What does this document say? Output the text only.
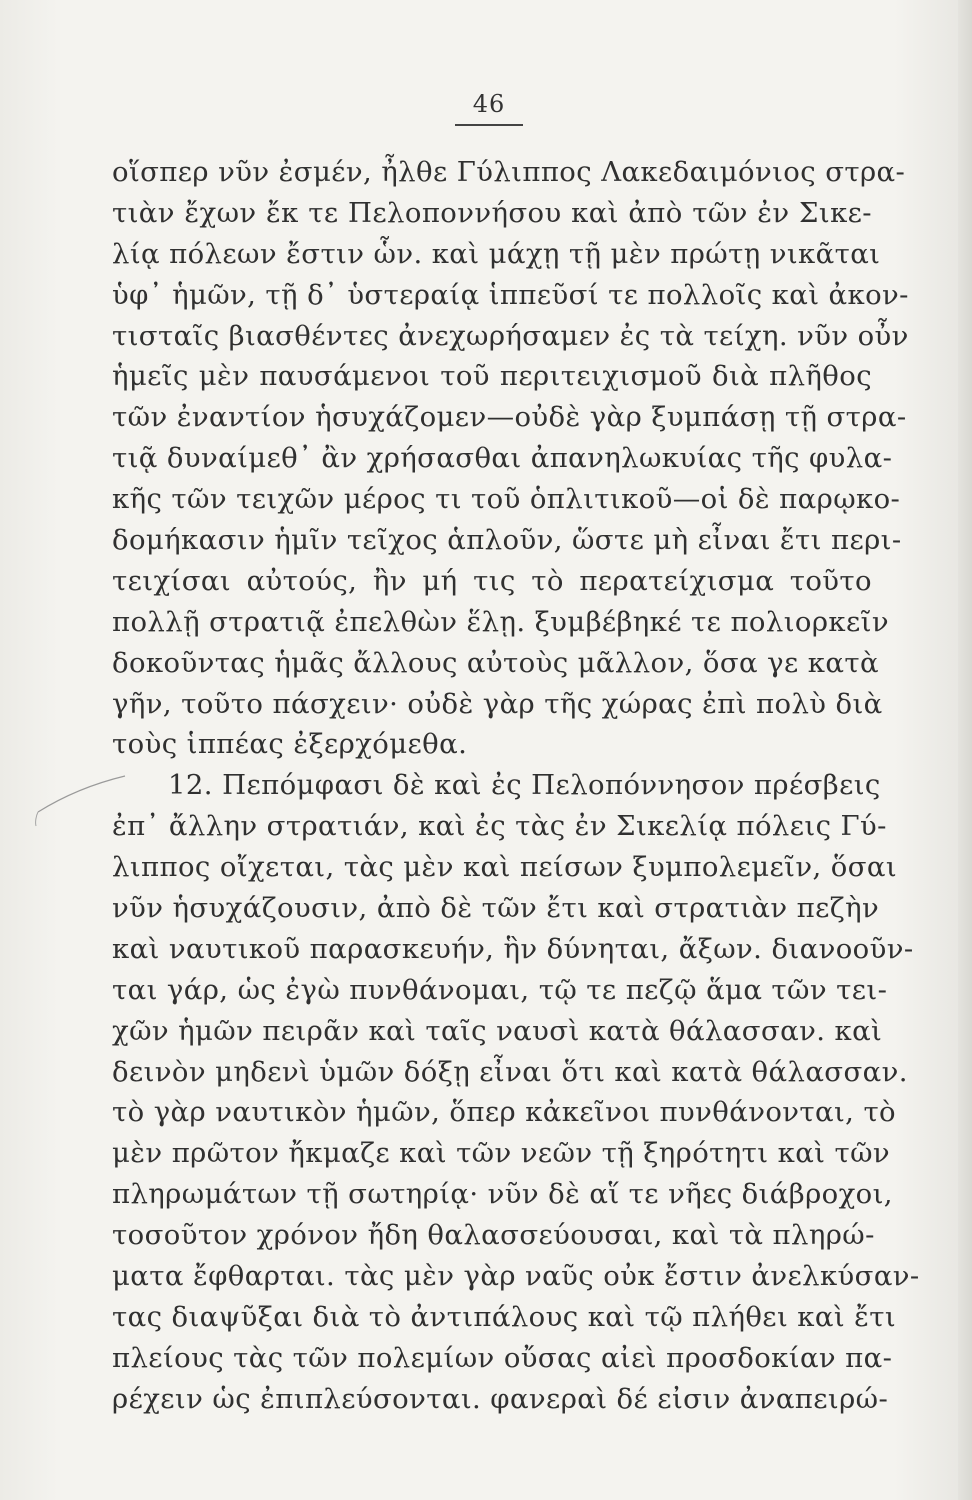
46
οἵσπερ νῦν ἐσμέν, ἦλθε Γύλιππος Λακεδαιμόνιος στρα-
τιὰν ἔχων ἔκ τε Πελοποννήσου καὶ ἀπὸ τῶν ἐν Σικε-
λίᾳ πόλεων ἔστιν ὧν. καὶ μάχῃ τῇ μὲν πρώτῃ νικᾶται
ὑφ᾽ ἡμῶν, τῇ δ᾽ ὑστεραίᾳ ἱππεῦσί τε πολλοῖς καὶ ἀκον-
τισταῖς βιασθέντες ἀνεχωρήσαμεν ἐς τὰ τείχη. νῦν οὖν
ἡμεῖς μὲν παυσάμενοι τοῦ περιτειχισμοῦ διὰ πλῆθος
τῶν ἐναντίον ἡσυχάζομεν—οὐδὲ γὰρ ξυμπάσῃ τῇ στρα-
τιᾷ δυναίμεθ᾽ ἂν χρήσασθαι ἀπανηλωκυίας τῆς φυλα-
κῆς τῶν τειχῶν μέρος τι τοῦ ὁπλιτικοῦ—οἱ δὲ παρῳκο-
δομήκασιν ἡμῖν τεῖχος ἁπλοῦν, ὥστε μὴ εἶναι ἔτι περι-
τειχίσαι αὐτούς, ἢν μή τις τὸ περατείχισμα τοῦτο
πολλῇ στρατιᾷ ἐπελθὼν ἕλῃ. ξυμβέβηκέ τε πολιορκεῖν
δοκοῦντας ἡμᾶς ἄλλους αὐτοὺς μᾶλλον, ὅσα γε κατὰ
γῆν, τοῦτο πάσχειν· οὐδὲ γὰρ τῆς χώρας ἐπὶ πολὺ διὰ
τοὺς ἱππέας ἐξερχόμεθα.
12. Πεπόμφασι δὲ καὶ ἐς Πελοπόννησον πρέσβεις
ἐπ᾽ ἄλλην στρατιάν, καὶ ἐς τὰς ἐν Σικελίᾳ πόλεις Γύ-
λιππος οἴχεται, τὰς μὲν καὶ πείσων ξυμπολεμεῖν, ὅσαι
νῦν ἡσυχάζουσιν, ἀπὸ δὲ τῶν ἔτι καὶ στρατιὰν πεζὴν
καὶ ναυτικοῦ παρασκευήν, ἣν δύνηται, ἄξων. διανοοῦν-
ται γάρ, ὡς ἐγὼ πυνθάνομαι, τῷ τε πεζῷ ἅμα τῶν τει-
χῶν ἡμῶν πειρᾶν καὶ ταῖς ναυσὶ κατὰ θάλασσαν. καὶ
δεινὸν μηδενὶ ὑμῶν δόξῃ εἶναι ὅτι καὶ κατὰ θάλασσαν.
τὸ γὰρ ναυτικὸν ἡμῶν, ὅπερ κἀκεῖνοι πυνθάνονται, τὸ
μὲν πρῶτον ἤκμαζε καὶ τῶν νεῶν τῇ ξηρότητι καὶ τῶν
πληρωμάτων τῇ σωτηρίᾳ· νῦν δὲ αἵ τε νῆες διάβροχοι,
τοσοῦτον χρόνον ἤδη θαλασσεύουσαι, καὶ τὰ πληρώ-
ματα ἔφθαρται. τὰς μὲν γὰρ ναῦς οὐκ ἔστιν ἀνελκύσαν-
τας διαψῦξαι διὰ τὸ ἀντιπάλους καὶ τῷ πλήθει καὶ ἔτι
πλείους τὰς τῶν πολεμίων οὔσας αἰεὶ προσδοκίαν πα-
ρέχειν ὡς ἐπιπλεύσονται. φανεραὶ δέ εἰσιν ἀναπειρώ-
